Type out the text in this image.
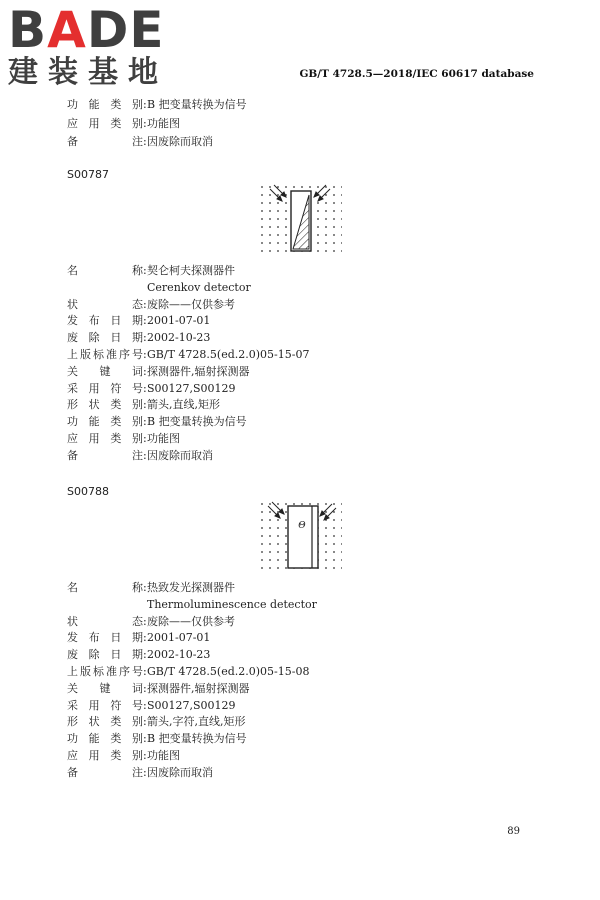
BADE
建装基地	GB/T 4728.5—2018/IEC 60617 database
功能类别:B 把变量转换为信号
应用类别:功能图
备注:因废除而取消
S00787
名称:契仑柯夫探测器件
Cerenkov detector
状态:废除——仅供参考
发布日期:2001-07-01
废除日期:2002-10-23
上版标准序号:GB/T 4728.5(ed.2.0)05-15-07
关键词:探测器件,辐射探测器
采用符号:S00127,S00129
形状类别:箭头,直线,矩形
功能类别:B 把变量转换为信号
应用类别:功能图
备注:因废除而取消
S00788
Θ
名称:热致发光探测器件
Thermoluminescence detector
状态:废除——仅供参考
发布日期:2001-07-01
废除日期:2002-10-23
上版标准序号:GB/T 4728.5(ed.2.0)05-15-08
关键词:探测器件,辐射探测器
采用符号:S00127,S00129
形状类别:箭头,字符,直线,矩形
功能类别:B 把变量转换为信号
应用类别:功能图
备注:因废除而取消
89
